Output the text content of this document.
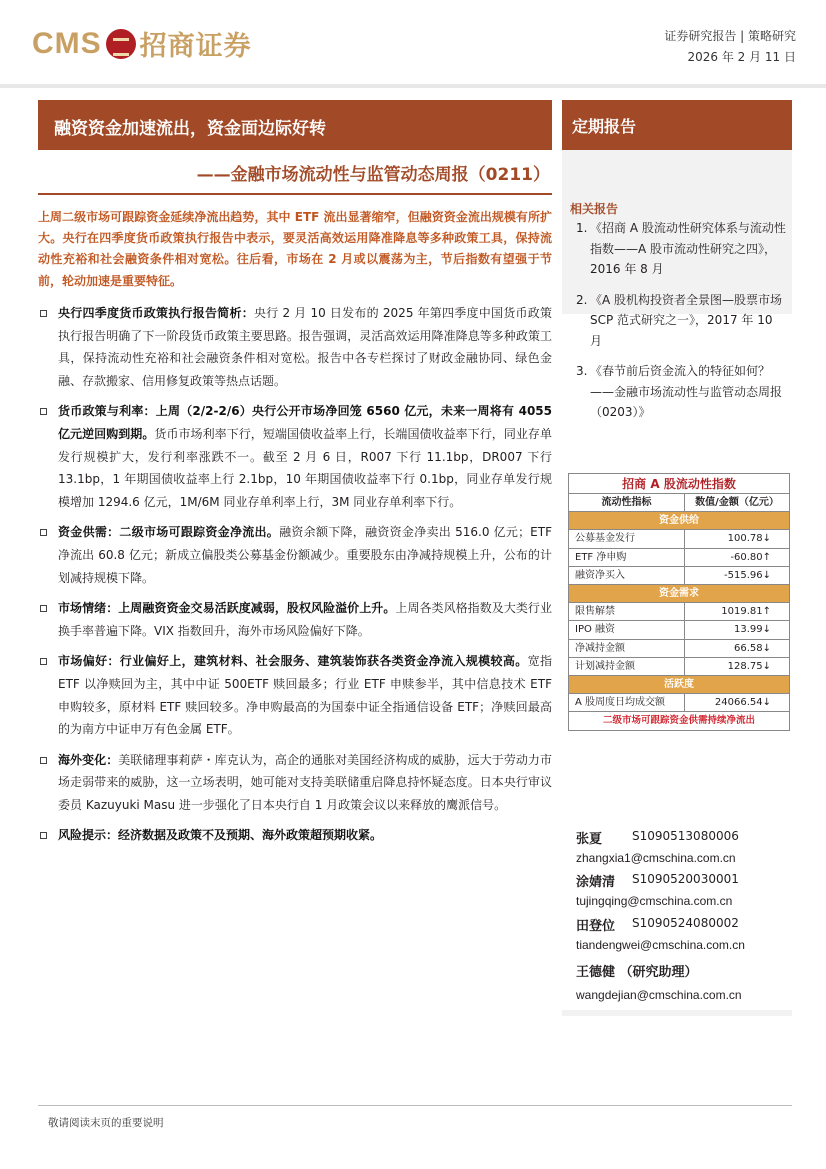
CMS 招商证券	证券研究报告 | 策略研究
2026 年 2 月 11 日
融资资金加速流出，资金面边际好转
——金融市场流动性与监管动态周报（0211）
上周二级市场可跟踪资金延续净流出趋势，其中 ETF 流出显著缩窄，但融资资金流出规模有所扩大。央行在四季度货币政策执行报告中表示，要灵活高效运用降准降息等多种政策工具，保持流动性充裕和社会融资条件相对宽松。往后看，市场在 2 月或以震荡为主，节后指数有望强于节前，轮动加速是重要特征。
央行四季度货币政策执行报告简析：央行 2 月 10 日发布的 2025 年第四季度中国货币政策执行报告明确了下一阶段货币政策主要思路。报告强调，灵活高效运用降准降息等多种政策工具，保持流动性充裕和社会融资条件相对宽松。报告中各专栏探讨了财政金融协同、绿色金融、存款搬家、信用修复政策等热点话题。
货币政策与利率：上周（2/2-2/6）央行公开市场净回笼 6560 亿元，未来一周将有 4055 亿元逆回购到期。货币市场利率下行，短端国债收益率上行，长端国债收益率下行，同业存单发行规模扩大，发行利率涨跌不一。截至 2 月 6 日，R007 下行 11.1bp，DR007 下行 13.1bp，1 年期国债收益率上行 2.1bp，10 年期国债收益率下行 0.1bp，同业存单发行规模增加 1294.6 亿元，1M/6M 同业存单利率上行，3M 同业存单利率下行。
资金供需：二级市场可跟踪资金净流出。融资余额下降，融资资金净卖出 516.0 亿元；ETF 净流出 60.8 亿元；新成立偏股类公募基金份额减少。重要股东由净减持规模上升，公布的计划减持规模下降。
市场情绪：上周融资资金交易活跃度减弱，股权风险溢价上升。上周各类风格指数及大类行业换手率普遍下降。VIX 指数回升，海外市场风险偏好下降。
市场偏好：行业偏好上，建筑材料、社会服务、建筑装饰获各类资金净流入规模较高。宽指 ETF 以净赎回为主，其中中证 500ETF 赎回最多；行业 ETF 申赎参半，其中信息技术 ETF 申购较多，原材料 ETF 赎回较多。净申购最高的为国泰中证全指通信设备 ETF；净赎回最高的为南方中证申万有色金属 ETF。
海外变化：美联储理事莉萨・库克认为，高企的通胀对美国经济构成的威胁，远大于劳动力市场走弱带来的威胁，这一立场表明，她可能对支持美联储重启降息持怀疑态度。日本央行审议委员 Kazuyuki Masu 进一步强化了日本央行自 1 月政策会议以来释放的鹰派信号。
风险提示：经济数据及政策不及预期、海外政策超预期收紧。
定期报告
相关报告
1. 《招商 A 股流动性研究体系与流动性指数——A 股市流动性研究之四》，2016 年 8 月
2. 《A 股机构投资者全景图—股票市场 SCP 范式研究之一》，2017 年 10 月
3. 《春节前后资金流入的特征如何？——金融市场流动性与监管动态周报（0203）》
招商 A 股流动性指数
流动性指标	数值/金额（亿元）
资金供给
公募基金发行	100.78↓
ETF 净申购	-60.80↑
融资净买入	-515.96↓
资金需求
限售解禁	1019.81↑
IPO 融资	13.99↓
净减持金额	66.58↓
计划减持金额	128.75↓
活跃度
A 股周度日均成交额	24066.54↓
二级市场可跟踪资金供需持续净流出
张夏	S1090513080006
zhangxia1@cmschina.com.cn
涂婧清	S1090520030001
tujingqing@cmschina.com.cn
田登位	S1090524080002
tiandengwei@cmschina.com.cn
王德健 （研究助理）
wangdejian@cmschina.com.cn
敬请阅读末页的重要说明
